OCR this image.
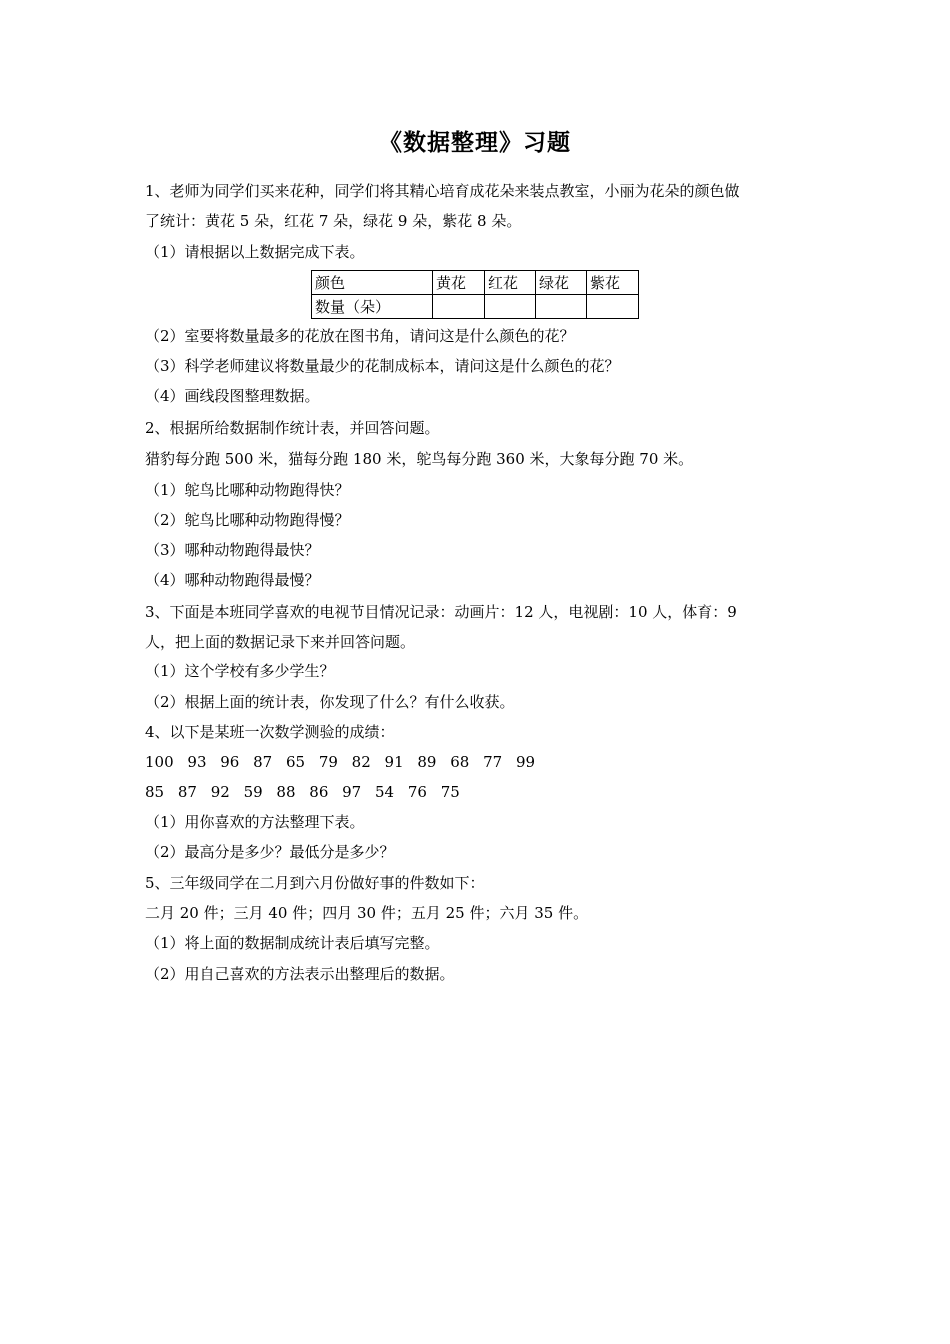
《数据整理》习题
1、老师为同学们买来花种，同学们将其精心培育成花朵来装点教室，小丽为花朵的颜色做
了统计：黄花 5 朵，红花 7 朵，绿花 9 朵，紫花 8 朵。
（1）请根据以上数据完成下表。
颜色	黄花	红花	绿花	紫花
数量（朵）				
（2）室要将数量最多的花放在图书角，请问这是什么颜色的花？
（3）科学老师建议将数量最少的花制成标本，请问这是什么颜色的花？
（4）画线段图整理数据。
2、根据所给数据制作统计表，并回答问题。
猎豹每分跑 500 米，猫每分跑 180 米，鸵鸟每分跑 360 米，大象每分跑 70 米。
（1）鸵鸟比哪种动物跑得快？
（2）鸵鸟比哪种动物跑得慢？
（3）哪种动物跑得最快？
（4）哪种动物跑得最慢？
3、下面是本班同学喜欢的电视节目情况记录：动画片：12 人，电视剧：10 人，体育：9
人，把上面的数据记录下来并回答问题。
（1）这个学校有多少学生？
（2）根据上面的统计表，你发现了什么？有什么收获。
4、以下是某班一次数学测验的成绩：
100 93 96 87 65 79 82 91 89 68 77 99
85 87 92 59 88 86 97 54 76 75
（1）用你喜欢的方法整理下表。
（2）最高分是多少？最低分是多少？
5、三年级同学在二月到六月份做好事的件数如下：
二月 20 件；三月 40 件；四月 30 件；五月 25 件；六月 35 件。
（1）将上面的数据制成统计表后填写完整。
（2）用自己喜欢的方法表示出整理后的数据。
